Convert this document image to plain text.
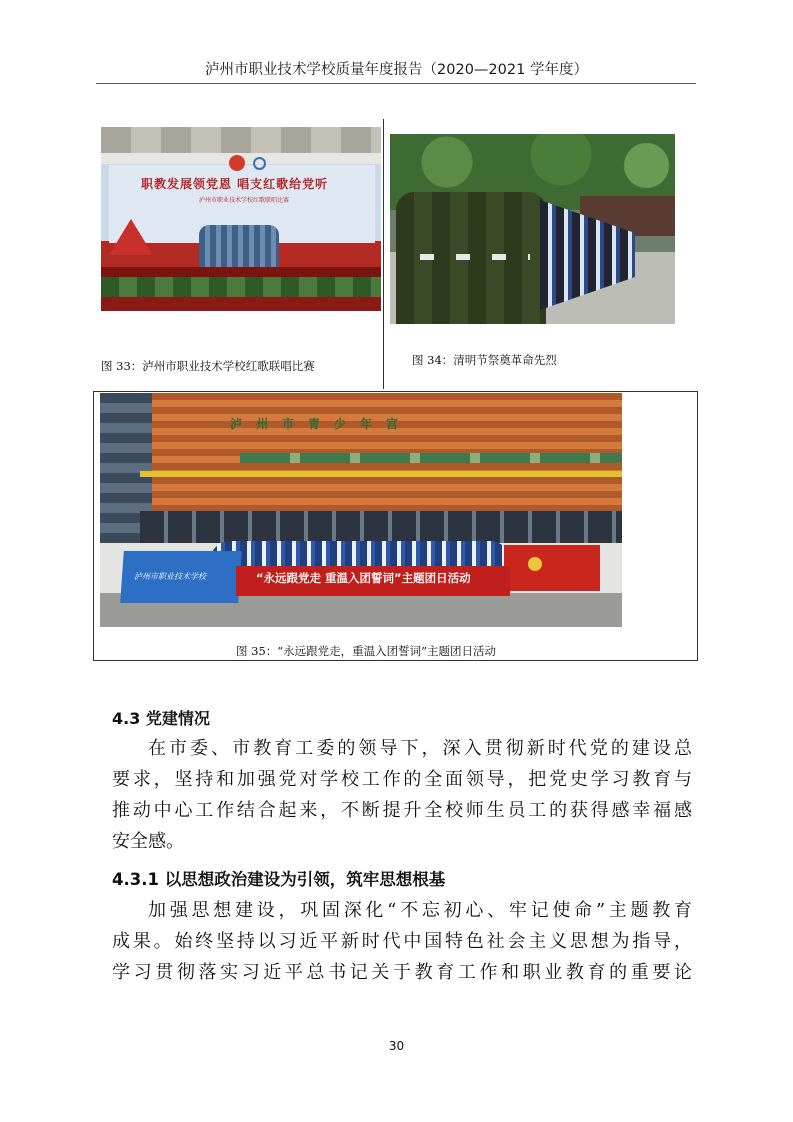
泸州市职业技术学校质量年度报告（2020—2021 学年度）
职教发展领党恩 唱支红歌给党听
泸州市职业技术学校红歌联唱比赛
图 33：泸州市职业技术学校红歌联唱比赛	图 34：清明节祭奠革命先烈
泸州市青少年宫
泸州市职业技术学校	“永远跟党走 重温入团誓词”主题团日活动
图 35：“永远跟党走，重温入团誓词”主题团日活动
4.3 党建情况
在市委、市教育工委的领导下，深入贯彻新时代党的建设总
要求，坚持和加强党对学校工作的全面领导，把党史学习教育与
推动中心工作结合起来，不断提升全校师生员工的获得感幸福感
安全感。
4.3.1 以思想政治建设为引领，筑牢思想根基
加强思想建设，巩固深化“不忘初心、牢记使命”主题教育
成果。始终坚持以习近平新时代中国特色社会主义思想为指导，
学习贯彻落实习近平总书记关于教育工作和职业教育的重要论
30
